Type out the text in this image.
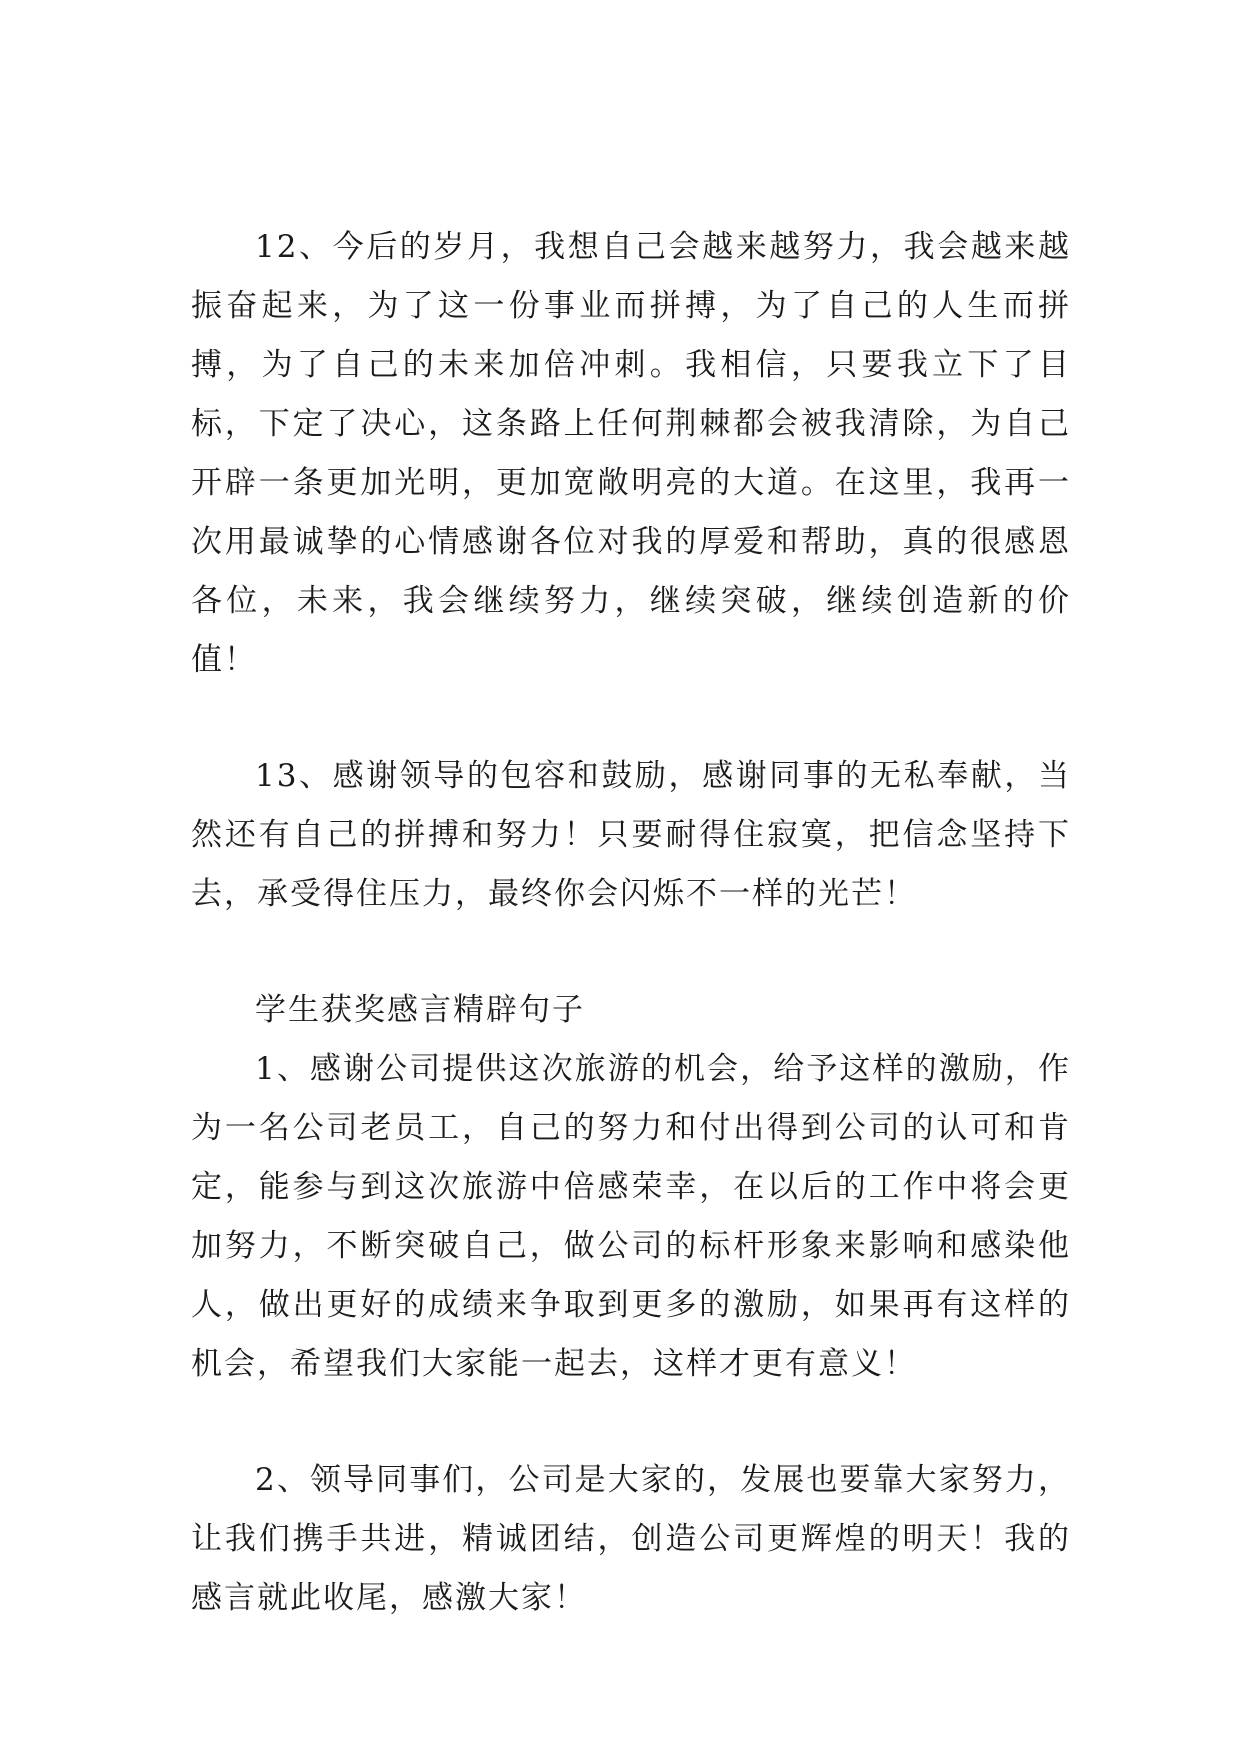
12、今后的岁月，我想自己会越来越努力，我会越来越振奋起来，为了这一份事业而拼搏，为了自己的人生而拼搏，为了自己的未来加倍冲刺。我相信，只要我立下了目标，下定了决心，这条路上任何荆棘都会被我清除，为自己开辟一条更加光明，更加宽敞明亮的大道。在这里，我再一次用最诚挚的心情感谢各位对我的厚爱和帮助，真的很感恩各位，未来，我会继续努力，继续突破，继续创造新的价值！

13、感谢领导的包容和鼓励，感谢同事的无私奉献，当然还有自己的拼搏和努力！只要耐得住寂寞，把信念坚持下去，承受得住压力，最终你会闪烁不一样的光芒！

学生获奖感言精辟句子

1、感谢公司提供这次旅游的机会，给予这样的激励，作为一名公司老员工，自己的努力和付出得到公司的认可和肯定，能参与到这次旅游中倍感荣幸，在以后的工作中将会更加努力，不断突破自己，做公司的标杆形象来影响和感染他人，做出更好的成绩来争取到更多的激励，如果再有这样的机会，希望我们大家能一起去，这样才更有意义！

2、领导同事们，公司是大家的，发展也要靠大家努力，让我们携手共进，精诚团结，创造公司更辉煌的明天！我的感言就此收尾，感激大家！
